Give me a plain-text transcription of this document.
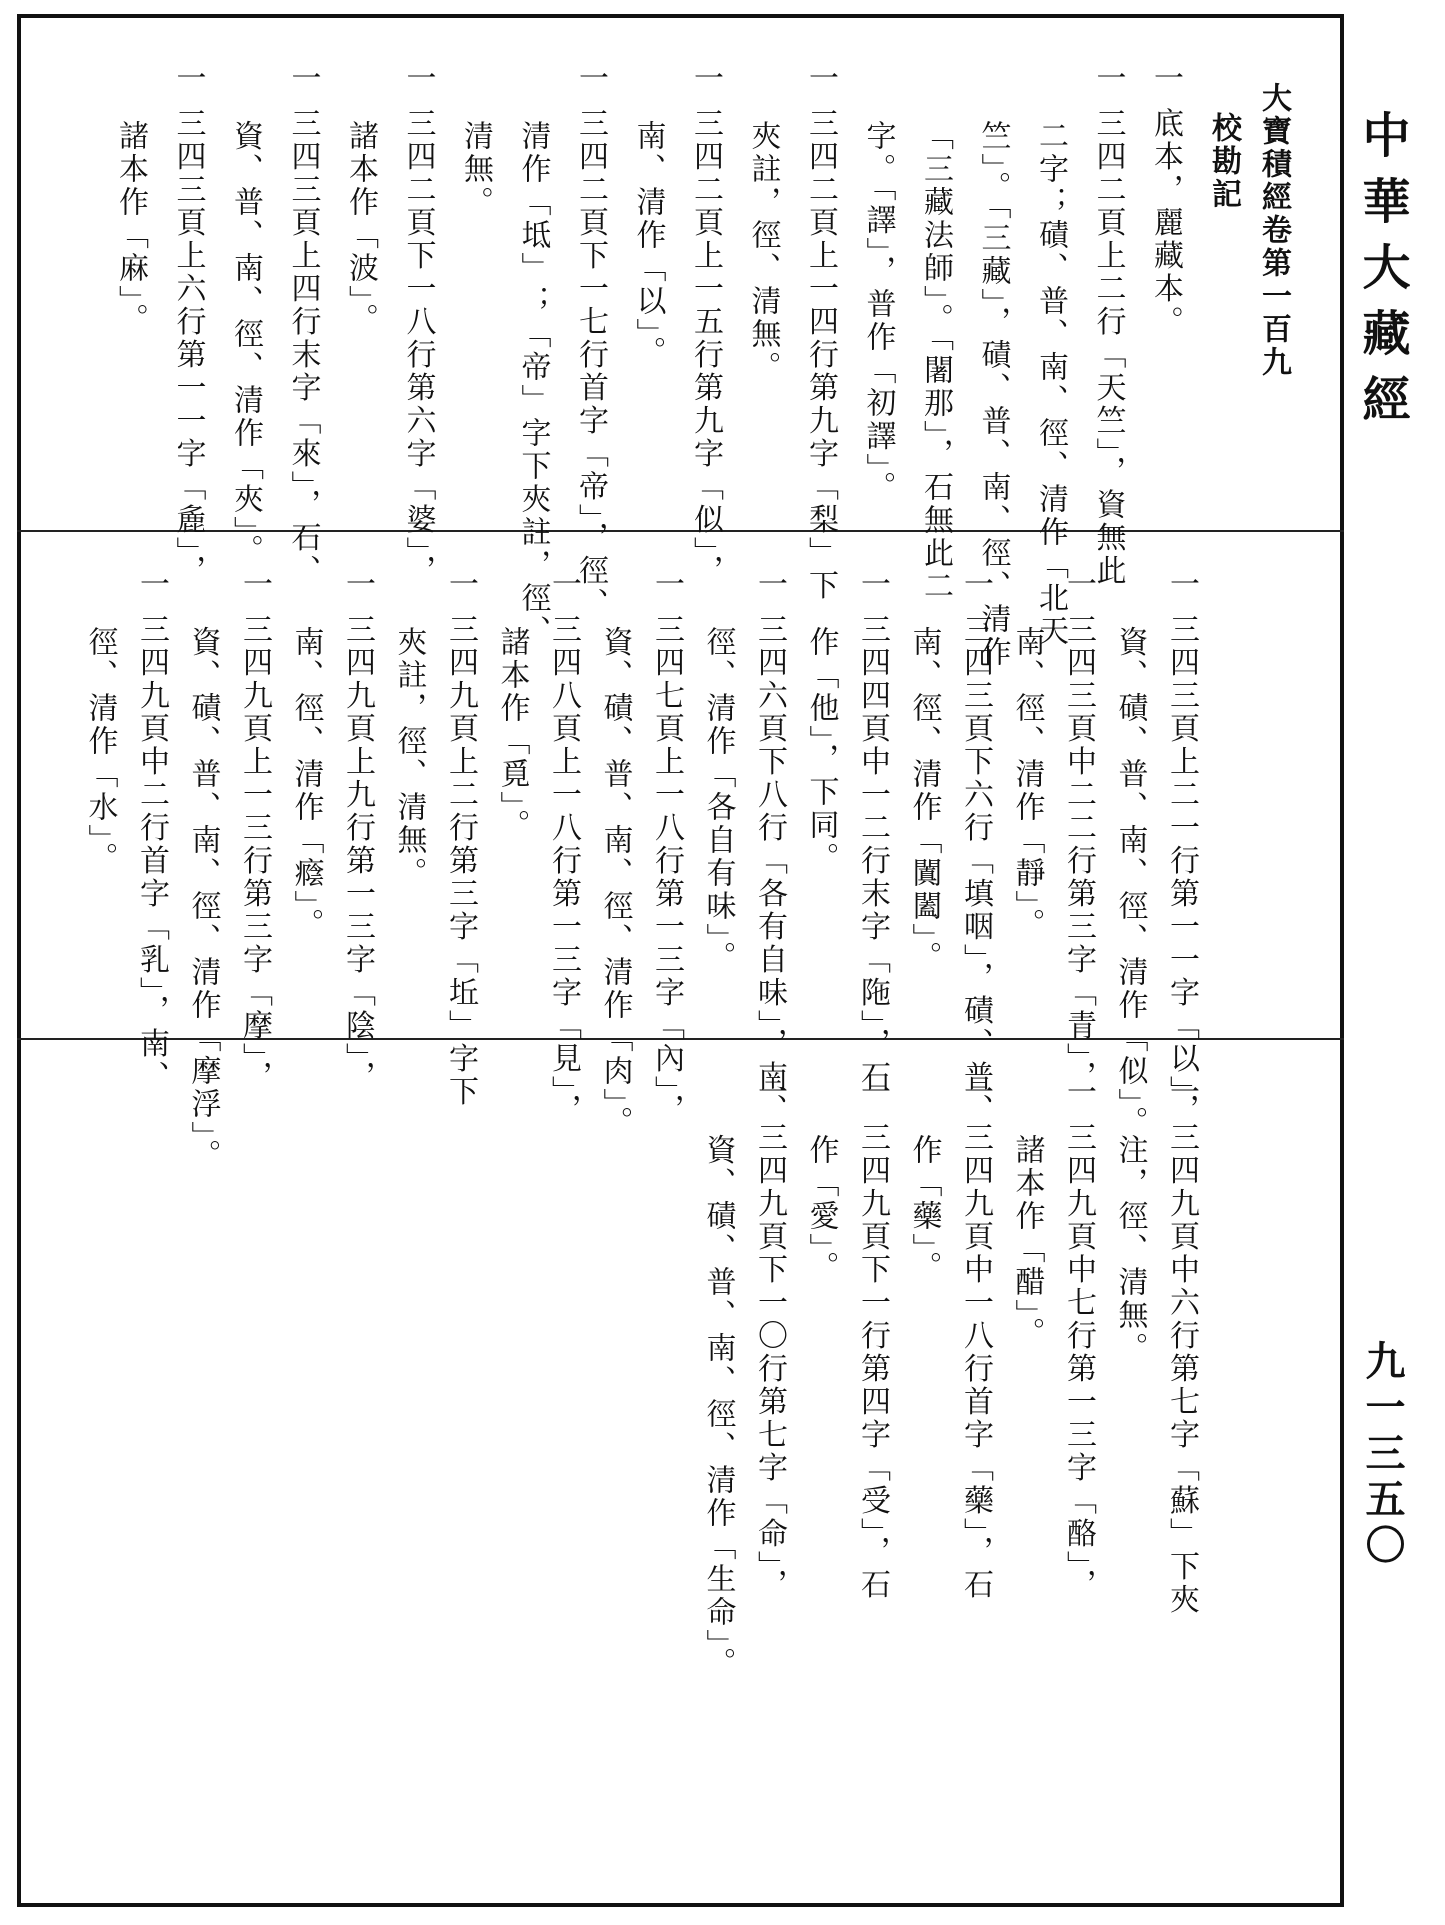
中華大藏經
九一三五〇
大寶積經卷第一百九
校勘記
一 底本，麗藏本。
一 三四二頁上二行「天竺」，資無此
二字；磧、普、南、徑、清作「北天
竺」。「三藏」，磧、普、南、徑、清作
「三藏法師」。「闍那」，石無此二
字。「譯」，普作「初譯」。
一 三四二頁上一四行第九字「梨」下
夾註，徑、清無。
一 三四二頁上一五行第九字「似」，
南、清作「以」。
一 三四二頁下一七行首字「帝」，徑、
清作「坻」；「帝」字下夾註，徑、
清無。
一 三四二頁下一八行第六字「婆」，
諸本作「波」。
一 三四三頁上四行末字「來」，石、
資、普、南、徑、清作「夾」。
一 三四三頁上六行第一一字「麁」，
諸本作「麻」。
一 三四三頁上二一行第一一字「以」，
資、磧、普、南、徑、清作「似」。
一 三四三頁中二二行第三字「青」，
南、徑、清作「靜」。
一 三四三頁下六行「填咽」，磧、普、
南、徑、清作「闐闔」。
一 三四四頁中一二行末字「陁」，石
作「他」，下同。
一 三四六頁下八行「各有自味」，南、
徑、清作「各自有味」。
一 三四七頁上一八行第一三字「內」，
資、磧、普、南、徑、清作「肉」。
一 三四八頁上一八行第一三字「見」，
諸本作「覓」。
一 三四九頁上二行第三字「坵」字下
夾註，徑、清無。
一 三四九頁上九行第一三字「陰」，
南、徑、清作「癊」。
一 三四九頁上一三行第三字「摩」，
資、磧、普、南、徑、清作「摩浮」。
一 三四九頁中二行首字「乳」，南、
徑、清作「水」。
一 三四九頁中六行第七字「蘇」下夾
注，徑、清無。
一 三四九頁中七行第一三字「酪」，
諸本作「醋」。
一 三四九頁中一八行首字「藥」，石
作「藥」。
一 三四九頁下一行第四字「受」，石
作「愛」。
一 三四九頁下一〇行第七字「命」，
資、磧、普、南、徑、清作「生命」。
